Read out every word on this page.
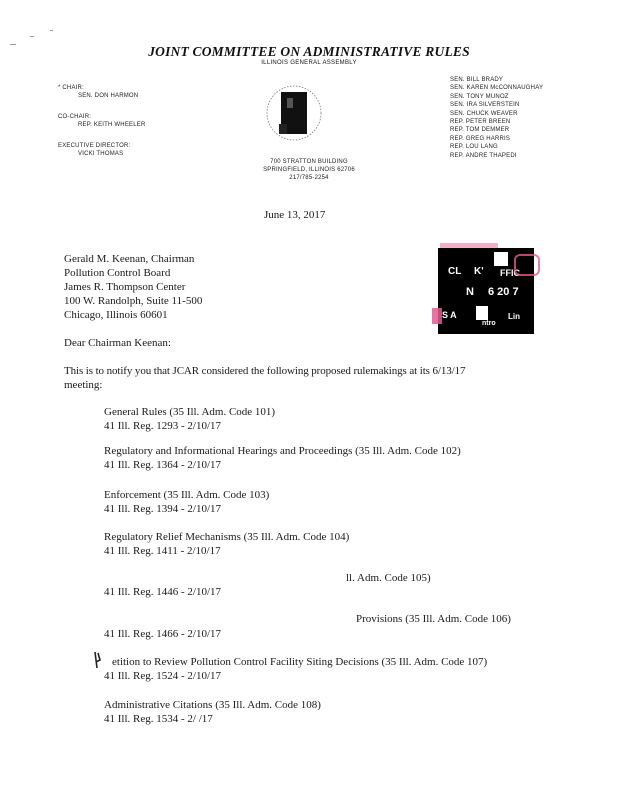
JOINT COMMITTEE ON ADMINISTRATIVE RULES
ILLINOIS GENERAL ASSEMBLY
* CHAIR:
SEN. DON HARMON
CO-CHAIR:
REP. KEITH WHEELER
EXECUTIVE DIRECTOR:
VICKI THOMAS
SEN. BILL BRADY
SEN. KAREN McCONNAUGHAY
SEN. TONY MUNOZ
SEN. IRA SILVERSTEIN
SEN. CHUCK WEAVER
REP. PETER BREEN
REP. TOM DEMMER
REP. GREG HARRIS
REP. LOU LANG
REP. ANDRE THAPEDI
700 STRATTON BUILDING
SPRINGFIELD, ILLINOIS 62706
217/785-2254
CL K' FFIC
N 6 20 7
S A	Lin
ntro
June 13, 2017
Gerald M. Keenan, Chairman
Pollution Control Board
James R. Thompson Center
100 W. Randolph, Suite 11-500
Chicago, Illinois 60601
Dear Chairman Keenan:
This is to notify you that JCAR considered the following proposed rulemakings at its 6/13/17
meeting:
General Rules (35 Ill. Adm. Code 101)
41 Ill. Reg. 1293 - 2/10/17
Regulatory and Informational Hearings and Proceedings (35 Ill. Adm. Code 102)
41 Ill. Reg. 1364 - 2/10/17
Enforcement (35 Ill. Adm. Code 103)
41 Ill. Reg. 1394 - 2/10/17
Regulatory Relief Mechanisms (35 Ill. Adm. Code 104)
41 Ill. Reg. 1411 - 2/10/17
ll. Adm. Code 105)
41 Ill. Reg. 1446 - 2/10/17
Provisions (35 Ill. Adm. Code 106)
41 Ill. Reg. 1466 - 2/10/17
etition to Review Pollution Control Facility Siting Decisions (35 Ill. Adm. Code 107)
41 Ill. Reg. 1524 - 2/10/17
Administrative Citations (35 Ill. Adm. Code 108)
41 Ill. Reg. 1534 - 2/ /17
